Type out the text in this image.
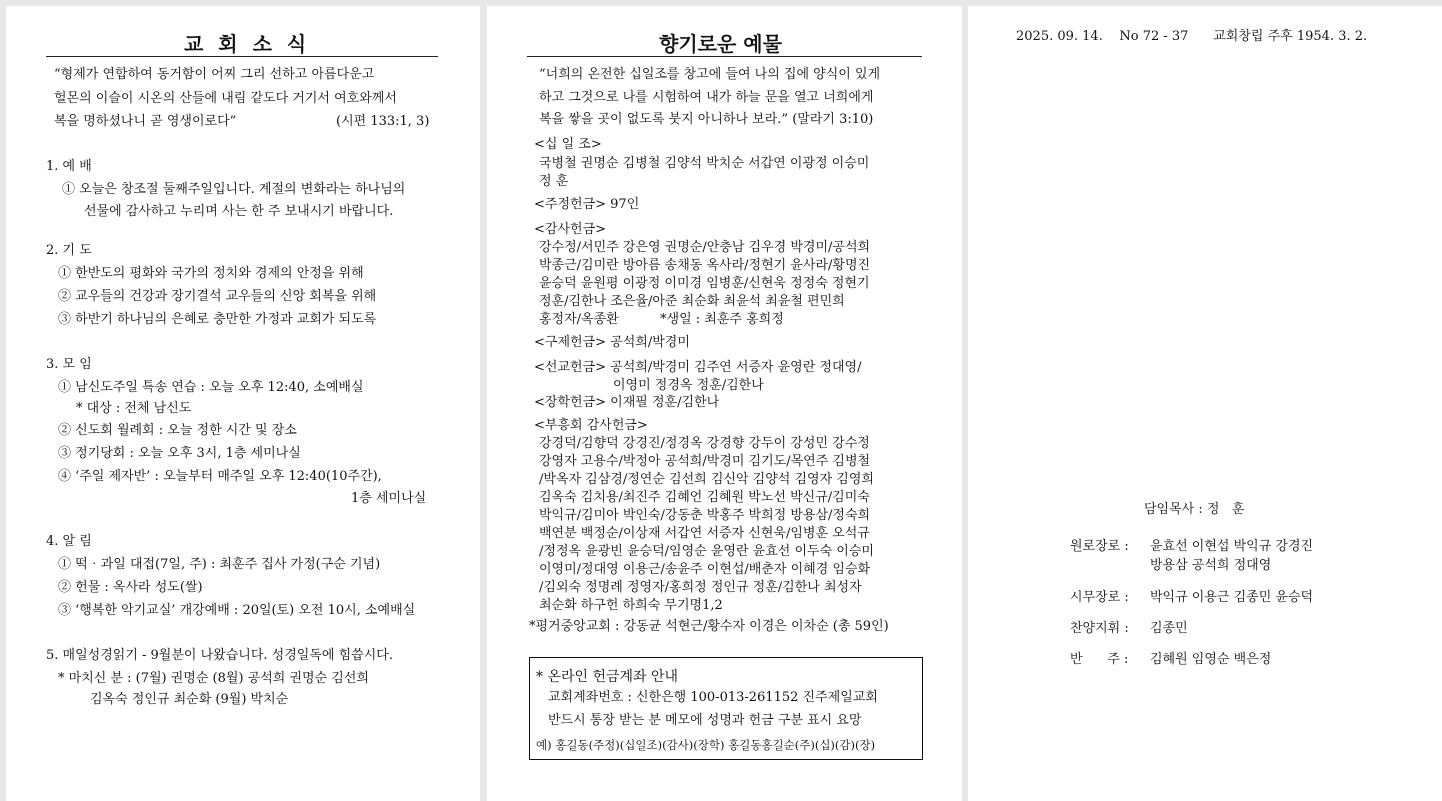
교 회 소 식
“형제가 연합하여 동거함이 어찌 그리 선하고 아름다운고
헐몬의 이슬이 시온의 산들에 내림 같도다 거기서 여호와께서
복을 명하셨나니 곧 영생이로다”	(시편 133:1, 3)
1. 예 배
① 오늘은 창조절 둘째주일입니다. 계절의 변화라는 하나님의
선물에 감사하고 누리며 사는 한 주 보내시기 바랍니다.
2. 기 도
① 한반도의 평화와 국가의 정치와 경제의 안정을 위해
② 교우들의 건강과 장기결석 교우들의 신앙 회복을 위해
③ 하반기 하나님의 은혜로 충만한 가정과 교회가 되도록
3. 모 임
① 남신도주일 특송 연습 : 오늘 오후 12:40, 소예배실
* 대상 : 전체 남신도
② 신도회 월례회 : 오늘 정한 시간 및 장소
③ 정기당회 : 오늘 오후 3시, 1층 세미나실
④ ‘주일 제자반’ : 오늘부터 매주일 오후 12:40(10주간),
1층 세미나실
4. 알 림
① 떡‧과일 대접(7일, 주) : 최훈주 집사 가정(구순 기념)
② 헌물 : 옥사라 성도(쌀)
③ ‘행복한 악기교실’ 개강예배 : 20일(토) 오전 10시, 소예배실
5. 매일성경읽기 - 9월분이 나왔습니다. 성경일독에 힘씁시다.
* 마치신 분 : (7월) 권명순 (8월) 공석희 권명순 김선희
김옥숙 정인규 최순화 (9월) 박치순
향기로운 예물
“너희의 온전한 십일조를 창고에 들여 나의 집에 양식이 있게
하고 그것으로 나를 시험하여 내가 하늘 문을 열고 너희에게
복을 쌓을 곳이 없도록 붓지 아니하나 보라.” (말라기 3:10)
<십 일 조>
국병철 권명순 김병철 김양석 박치순 서갑연 이광정 이승미
정 훈
<주정헌금> 97인
<감사헌금>
강수정/서민주 강은영 권명순/안충남 김우경 박경미/공석희
박종근/김미란 방아름 송채동 옥사라/정현기 윤사라/황명진
윤승덕 윤원평 이광정 이미경 임병훈/신현욱 정정숙 정현기
정훈/김한나 조은율/아준 최순화 최윤석 최윤철 편민희
홍정자/옥종환          *생일 : 최훈주 홍희정
<구제헌금> 공석희/박경미
<선교헌금> 공석희/박경미 김주연 서증자 윤영란 정대영/
이영미 정경옥 정훈/김한나
<장학헌금> 이재필 정훈/김한나
<부흥회 감사헌금>
강경덕/김향덕 강경진/정경옥 강경향 강두이 강성민 강수정
강영자 고용수/박정아 공석희/박경미 김기도/목연주 김병철
/박옥자 김삼경/정연순 김선희 김신악 김양석 김영자 김영희
김옥숙 김치용/최진주 김혜언 김혜원 박노선 박신규/김미숙
박익규/김미아 박인숙/강동춘 박홍주 박희정 방용삼/정숙희
백연분 백정순/이상재 서갑연 서증자 신현욱/임병훈 오석규
/정정옥 윤광빈 윤승덕/임영순 윤영란 윤효선 이두숙 이승미
이영미/정대영 이용근/송윤주 이현섭/배춘자 이혜경 임승화
/김외숙 정명례 정영자/홍희정 정인규 정훈/김한나 최성자
최순화 하구헌 하희숙 무기명1,2
*평거중앙교회 : 강동균 석현근/황수자 이경은 이차순 (총 59인)
* 온라인 헌금계좌 안내
교회계좌번호 : 신한은행 100-013-261152 진주제일교회
반드시 통장 받는 분 메모에 성명과 헌금 구분 표시 요망
예) 홍길동(주정)(십일조)(감사)(장학) 홍길동홍길순(주)(십)(감)(장)
2025. 09. 14.    No 72 - 37      교회창립 주후 1954. 3. 2.
담임목사 : 정   훈
원로장로 : 윤효선 이현섭 박익규 강경진
방용삼 공석희 정대영
시무장로 : 박익규 이용근 김종민 윤승덕
찬양지휘 : 김종민
반      주 : 김혜원 임영순 백은정
